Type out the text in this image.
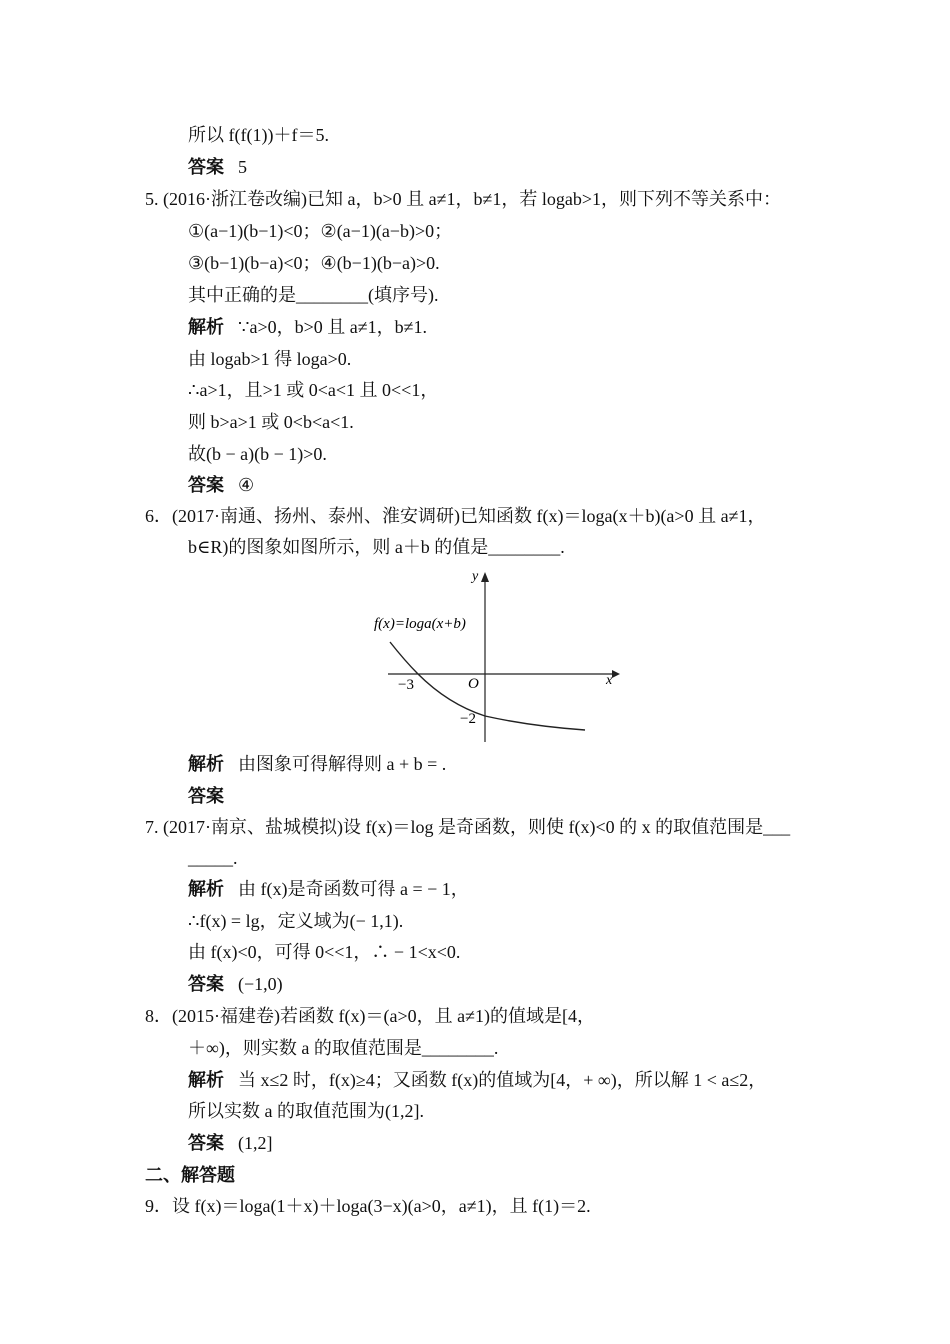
所以 f(f(1))＋f＝5.
答案 5
5. (2016·浙江卷改编)已知 a，b>0 且 a≠1，b≠1，若 logab>1，则下列不等关系中：
①(a−1)(b−1)<0；②(a−1)(a−b)>0；
③(b−1)(b−a)<0；④(b−1)(b−a)>0.
其中正确的是________(填序号).
解析 ∵a>0，b>0 且 a≠1，b≠1.
由 logab>1 得 loga>0.
∴a>1，且>1 或 0<a<1 且 0<<1，
则 b>a>1 或 0<b<a<1.
故(b − a)(b − 1)>0.
答案 ④
6．(2017·南通、扬州、泰州、淮安调研)已知函数 f(x)＝loga(x＋b)(a>0 且 a≠1，
b∈R)的图象如图所示，则 a＋b 的值是________.
f(x)=loga(x+b)
y
x
O
−3
−2
解析 由图象可得解得则 a + b = .
答案
7. (2017·南京、盐城模拟)设 f(x)＝log 是奇函数，则使 f(x)<0 的 x 的取值范围是___
_____.
解析 由 f(x)是奇函数可得 a = − 1，
∴f(x) = lg，定义域为(− 1,1).
由 f(x)<0，可得 0<<1，∴ − 1<x<0.
答案 (−1,0)
8．(2015·福建卷)若函数 f(x)＝(a>0，且 a≠1)的值域是[4，
＋∞)，则实数 a 的取值范围是________.
解析 当 x≤2 时，f(x)≥4；又函数 f(x)的值域为[4，+ ∞)，所以解 1 < a≤2，
所以实数 a 的取值范围为(1,2].
答案 (1,2]
二、解答题
9．设 f(x)＝loga(1＋x)＋loga(3−x)(a>0，a≠1)，且 f(1)＝2.
